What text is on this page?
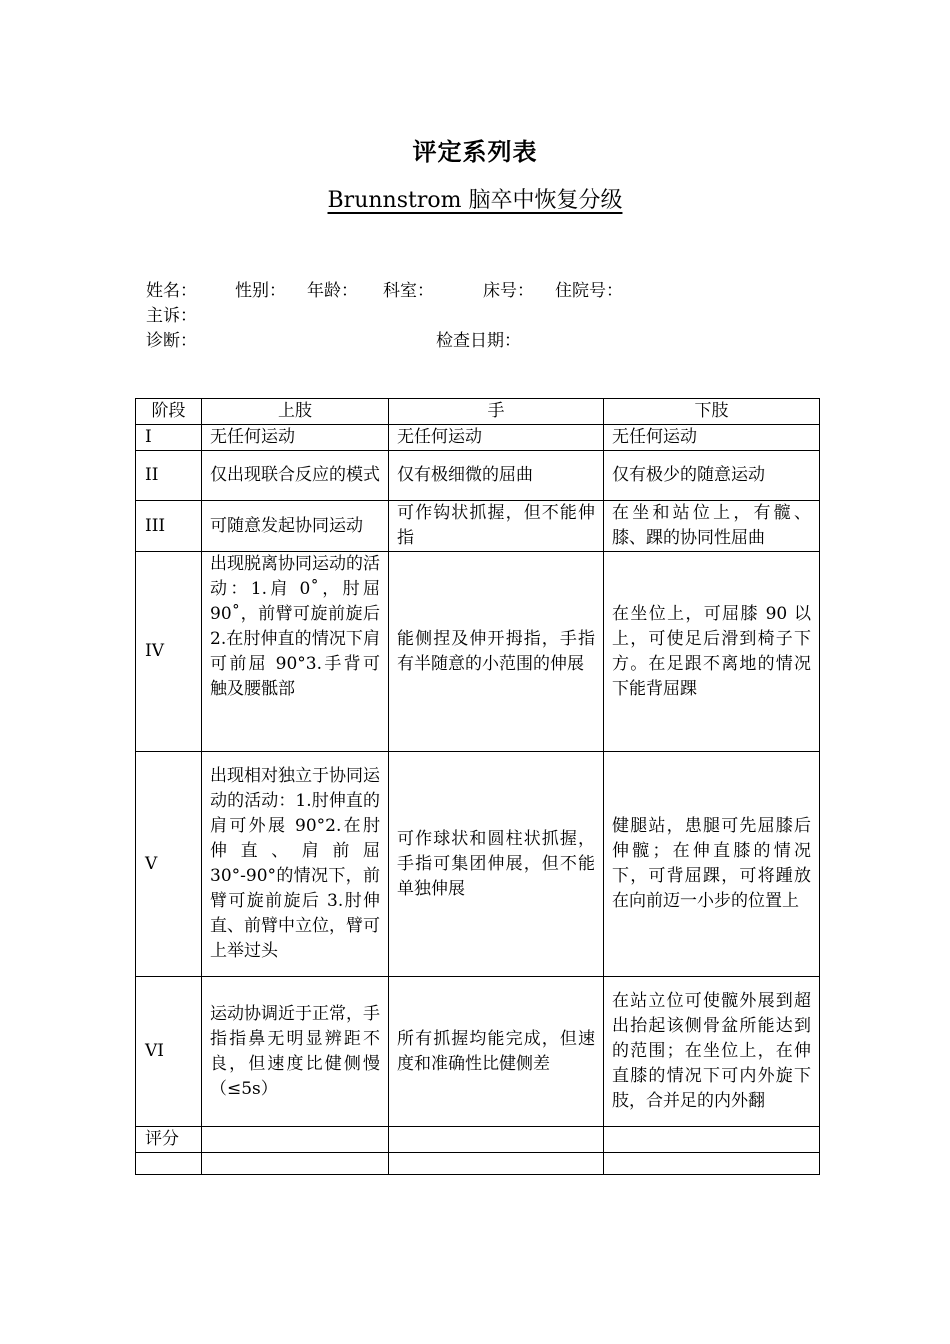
评定系列表
Brunnstrom 脑卒中恢复分级
姓名： 性别： 年龄： 科室：	床号： 住院号：
主诉：
诊断：	检查日期：
阶段	上肢	手	下肢
I	无任何运动	无任何运动	无任何运动
II	仅出现联合反应的模式	仅有极细微的屈曲	仅有极少的随意运动
III	可随意发起协同运动	可作钩状抓握，但不能伸指	在坐和站位上，有髋、膝、踝的协同性屈曲
IV	出现脱离协同运动的活动：1.肩 0˚，肘屈 90˚，前臂可旋前旋后 2.在肘伸直的情况下肩可前屈 90°3.手背可触及腰骶部	能侧捏及伸开拇指，手指有半随意的小范围的伸展	在坐位上，可屈膝 90 以上，可使足后滑到椅子下方。在足跟不离地的情况下能背屈踝
V	出现相对独立于协同运动的活动：1.肘伸直的肩可外展 90°2.在肘伸直、肩前屈 30°-90°的情况下，前臂可旋前旋后 3.肘伸直、前臂中立位，臂可上举过头	可作球状和圆柱状抓握，手指可集团伸展，但不能单独伸展	健腿站，患腿可先屈膝后伸髋；在伸直膝的情况下，可背屈踝，可将踵放在向前迈一小步的位置上
VI	运动协调近于正常，手指指鼻无明显辨距不良，但速度比健侧慢（≤5s）	所有抓握均能完成，但速度和准确性比健侧差	在站立位可使髋外展到超出抬起该侧骨盆所能达到的范围；在坐位上，在伸直膝的情况下可内外旋下肢，合并足的内外翻
评分			
